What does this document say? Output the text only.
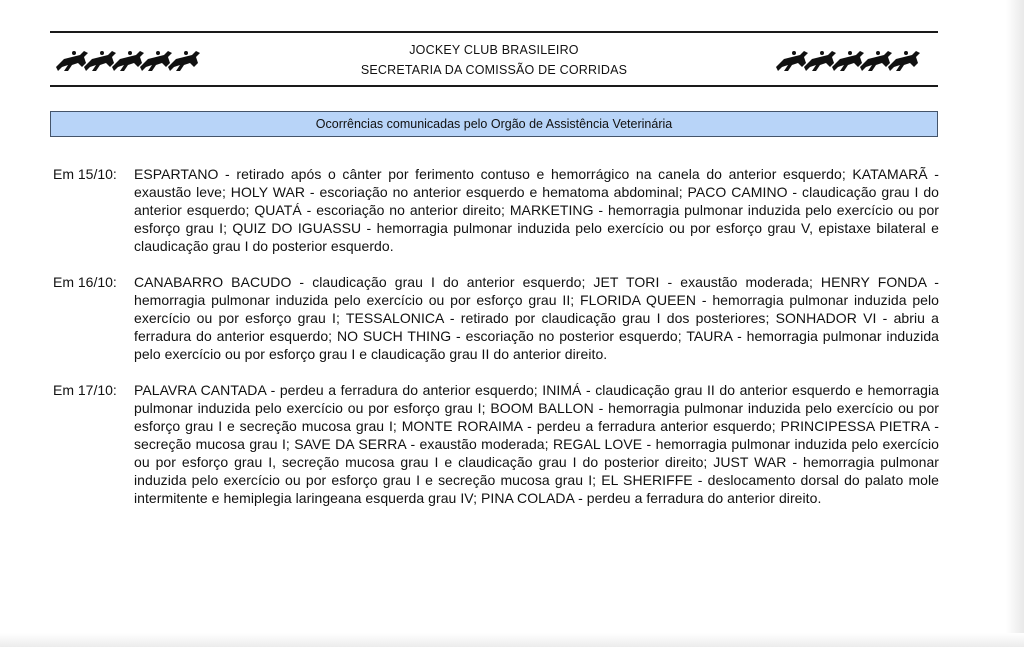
JOCKEY CLUB BRASILEIRO
SECRETARIA DA COMISSÃO DE CORRIDAS
Ocorrências comunicadas pelo Orgão de Assistência Veterinária
Em 15/10:	ESPARTANO - retirado após o cânter por ferimento contuso e hemorrágico na canela do anterior esquerdo; KATAMARÃ - exaustão leve; HOLY WAR - escoriação no anterior esquerdo e hematoma abdominal; PACO CAMINO - claudicação grau I do anterior esquerdo; QUATÁ - escoriação no anterior direito; MARKETING - hemorragia pulmonar induzida pelo exercício ou por esforço grau I; QUIZ DO IGUASSU - hemorragia pulmonar induzida pelo exercício ou por esforço grau V, epistaxe bilateral e claudicação grau I do posterior esquerdo.
Em 16/10:	CANABARRO BACUDO - claudicação grau I do anterior esquerdo; JET TORI - exaustão moderada; HENRY FONDA - hemorragia pulmonar induzida pelo exercício ou por esforço grau II; FLORIDA QUEEN - hemorragia pulmonar induzida pelo exercício ou por esforço grau I; TESSALONICA - retirado por claudicação grau I dos posteriores; SONHADOR VI - abriu a ferradura do anterior esquerdo; NO SUCH THING - escoriação no posterior esquerdo; TAURA - hemorragia pulmonar induzida pelo exercício ou por esforço grau I e claudicação grau II do anterior direito.
Em 17/10:	PALAVRA CANTADA - perdeu a ferradura do anterior esquerdo; INIMÁ - claudicação grau II do anterior esquerdo e hemorragia pulmonar induzida pelo exercício ou por esforço grau I; BOOM BALLON - hemorragia pulmonar induzida pelo exercício ou por esforço grau I e secreção mucosa grau I; MONTE RORAIMA - perdeu a ferradura anterior esquerdo; PRINCIPESSA PIETRA - secreção mucosa grau I; SAVE DA SERRA - exaustão moderada; REGAL LOVE - hemorragia pulmonar induzida pelo exercício ou por esforço grau I, secreção mucosa grau I e claudicação grau I do posterior direito; JUST WAR - hemorragia pulmonar induzida pelo exercício ou por esforço grau I e secreção mucosa grau I; EL SHERIFFE - deslocamento dorsal do palato mole intermitente e hemiplegia laringeana esquerda grau IV; PINA COLADA - perdeu a ferradura do anterior direito.
